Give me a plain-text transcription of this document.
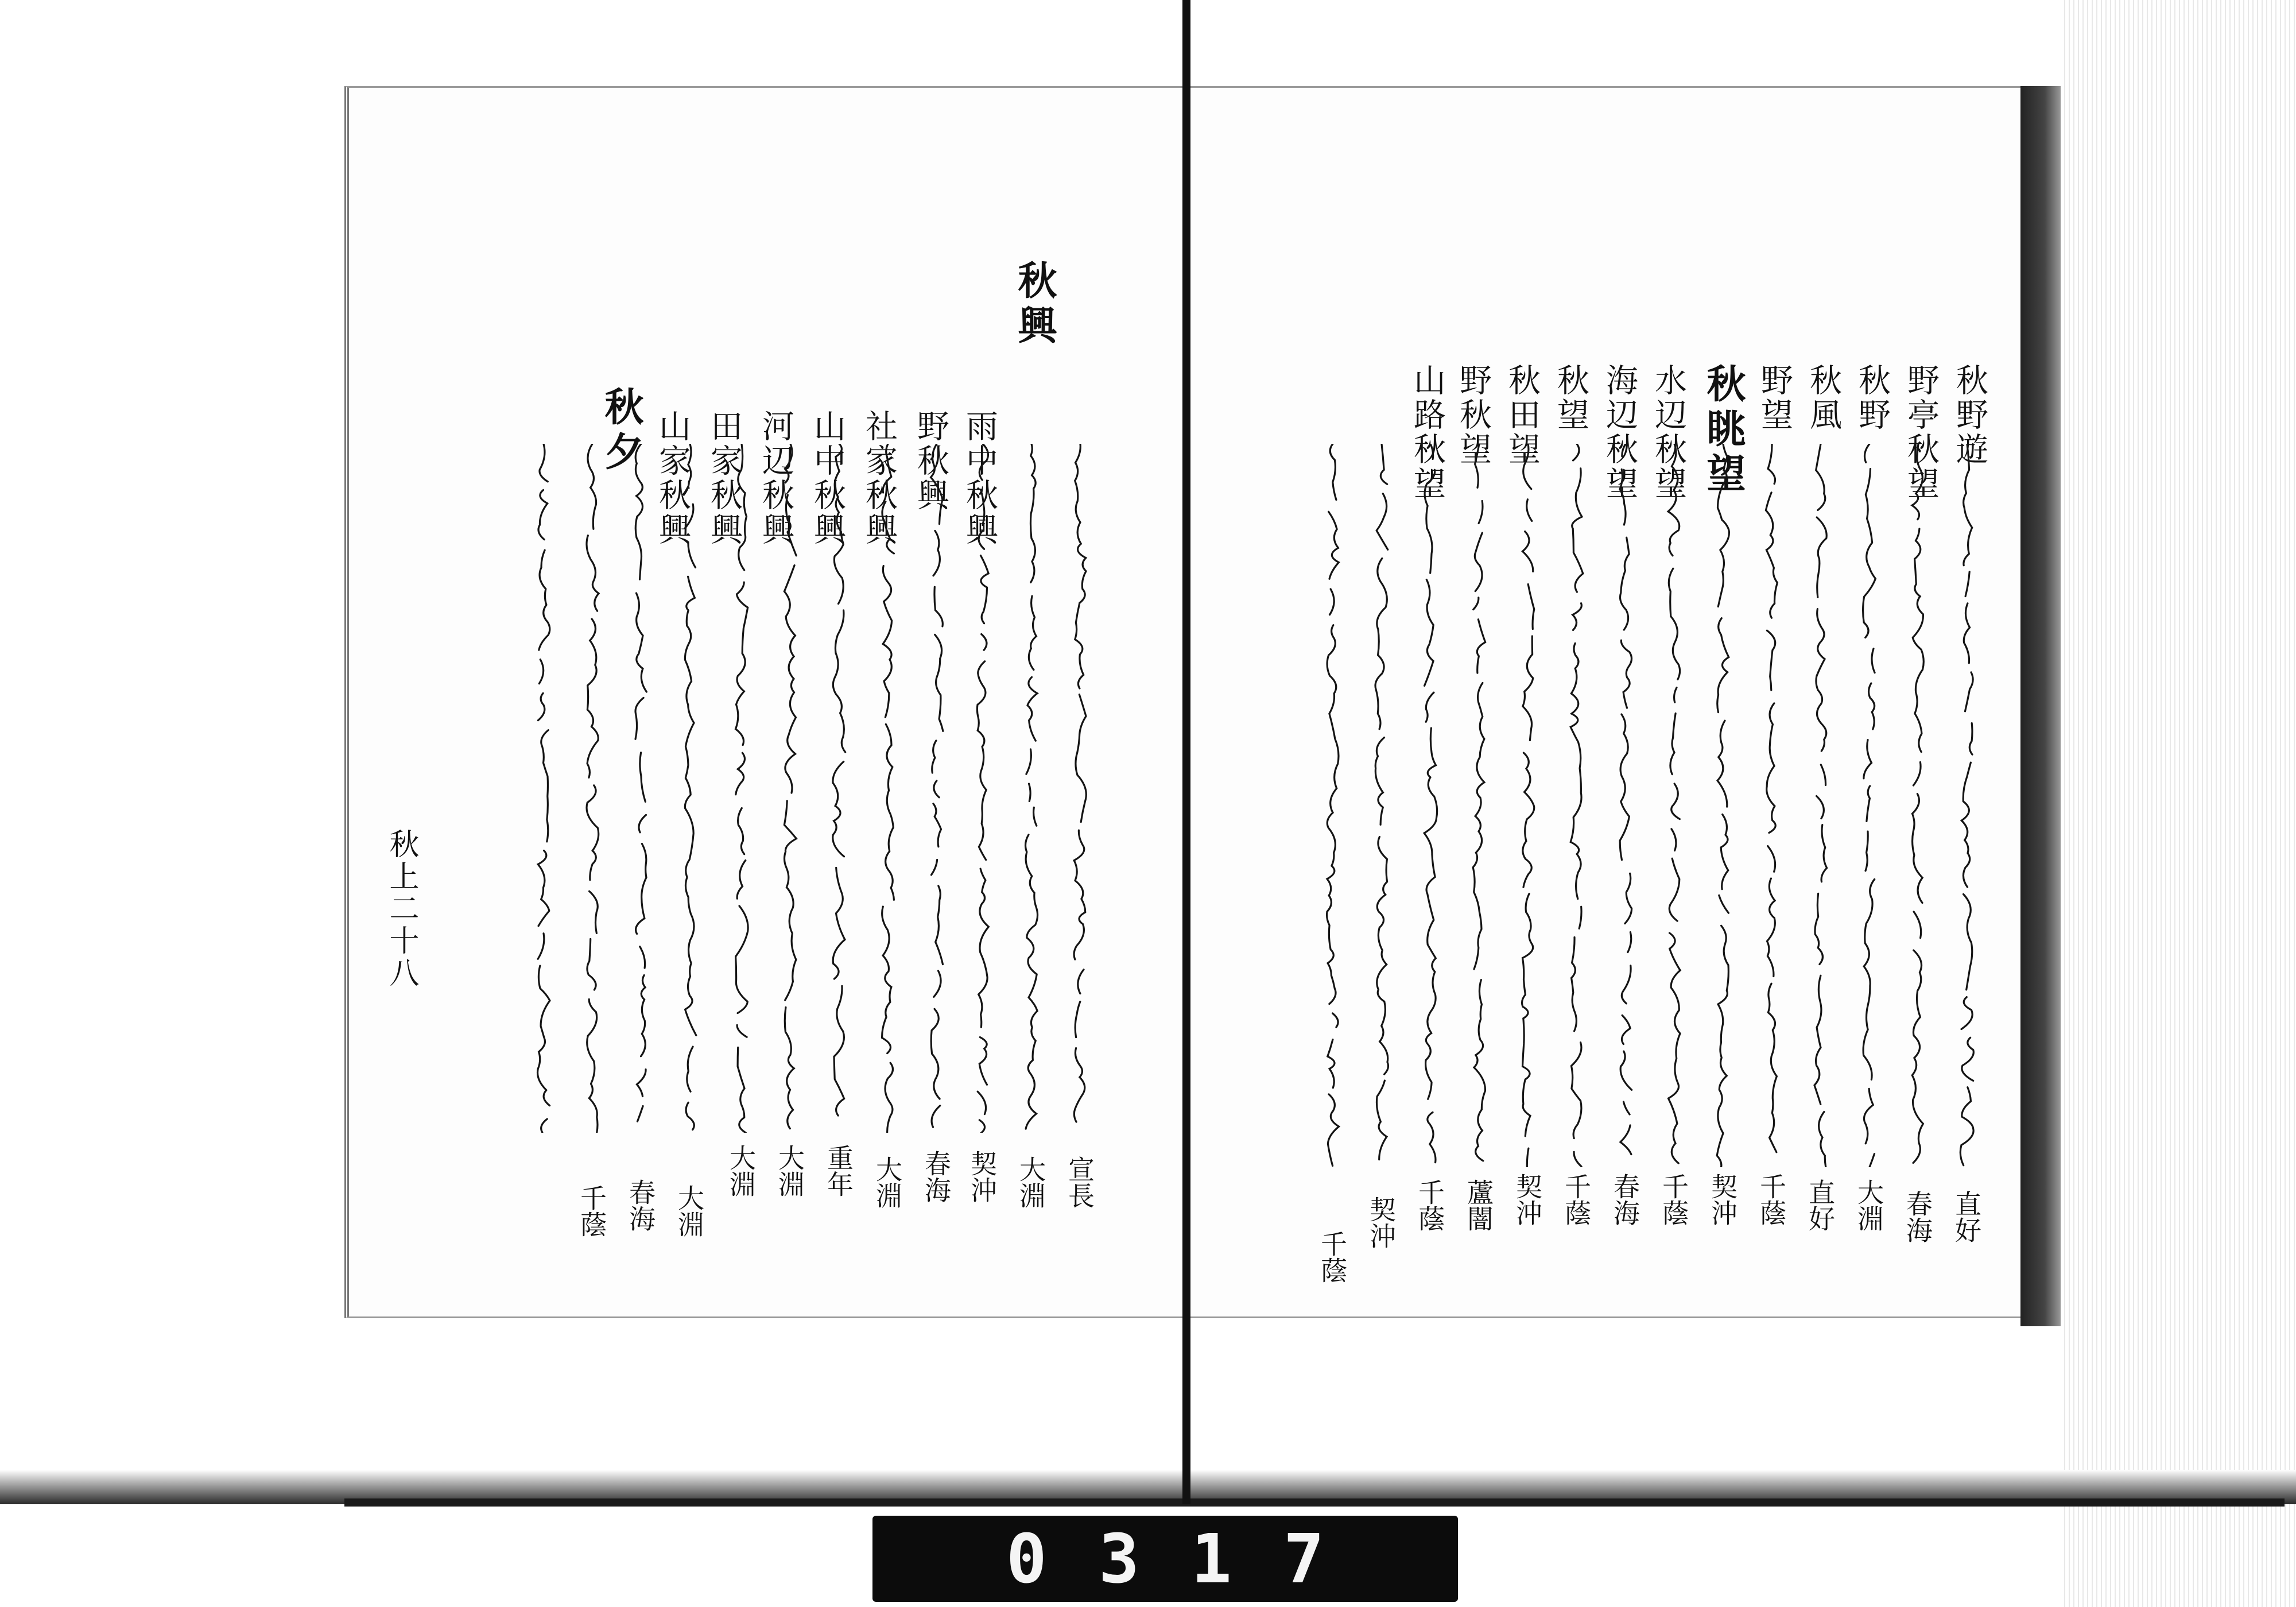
秋興
雨中秋興
野秋興
社家秋興
山中秋興
河辺秋興
田家秋興
山家秋興
秋夕
宣長
大淵
契沖
春海
大淵
重年
大淵
大淵
大淵
春海
千蔭
秋上二十八
秋野遊
野亭秋望
秋野
秋風
野望
秋眺望
水辺秋望
海辺秋望
秋望
秋田望
野秋望
山路秋望
直好
春海
大淵
直好
千蔭
契沖
千蔭
春海
千蔭
契沖
蘆闇
千蔭
契沖
千蔭
0317
